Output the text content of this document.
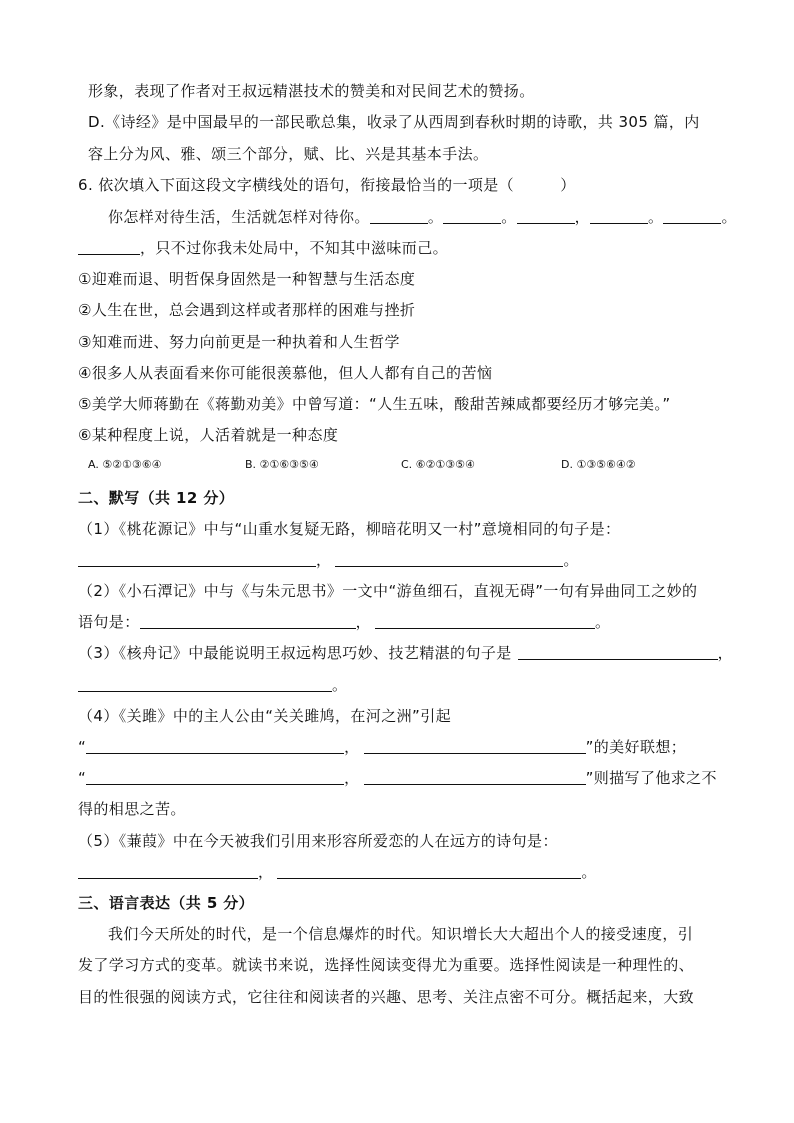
形象，表现了作者对王叔远精湛技术的赞美和对民间艺术的赞扬。
D.《诗经》是中国最早的一部民歌总集，收录了从西周到春秋时期的诗歌，共 305 篇，内
容上分为风、雅、颂三个部分，赋、比、兴是其基本手法。
6. 依次填入下面这段文字横线处的语句，衔接最恰当的一项是（　　　）
你怎样对待生活，生活就怎样对待你。	。	。	，	。	。
，只不过你我未处局中，不知其中滋味而己。
①迎难而退、明哲保身固然是一种智慧与生活态度
②人生在世，总会遇到这样或者那样的困难与挫折
③知难而进、努力向前更是一种执着和人生哲学
④很多人从表面看来你可能很羡慕他，但人人都有自己的苦恼
⑤美学大师蒋勤在《蒋勤劝美》中曾写道：“人生五味，酸甜苦辣咸都要经历才够完美。”
⑥某种程度上说，人活着就是一种态度
A. ⑤②①③⑥④	B. ②①⑥③⑤④	C. ⑥②①③⑤④	D. ①③⑤⑥④②
二、默写（共 12 分）
（1）《桃花源记》中与“山重水复疑无路，柳暗花明又一村”意境相同的句子是：
，	。
（2）《小石潭记》中与《与朱元思书》一文中“游鱼细石，直视无碍”一句有异曲同工之妙的
语句是：	，	。
（3）《核舟记》中最能说明王叔远构思巧妙、技艺精湛的句子是	，
。
（4）《关雎》中的主人公由“关关雎鸠，在河之洲”引起
“	，	”的美好联想；
“	，	”则描写了他求之不
得的相思之苦。
（5）《蒹葭》中在今天被我们引用来形容所爱恋的人在远方的诗句是：
，	。
三、语言表达（共 5 分）
我们今天所处的时代，是一个信息爆炸的时代。知识增长大大超出个人的接受速度，引
发了学习方式的变革。就读书来说，选择性阅读变得尤为重要。选择性阅读是一种理性的、
目的性很强的阅读方式，它往往和阅读者的兴趣、思考、关注点密不可分。概括起来，大致
